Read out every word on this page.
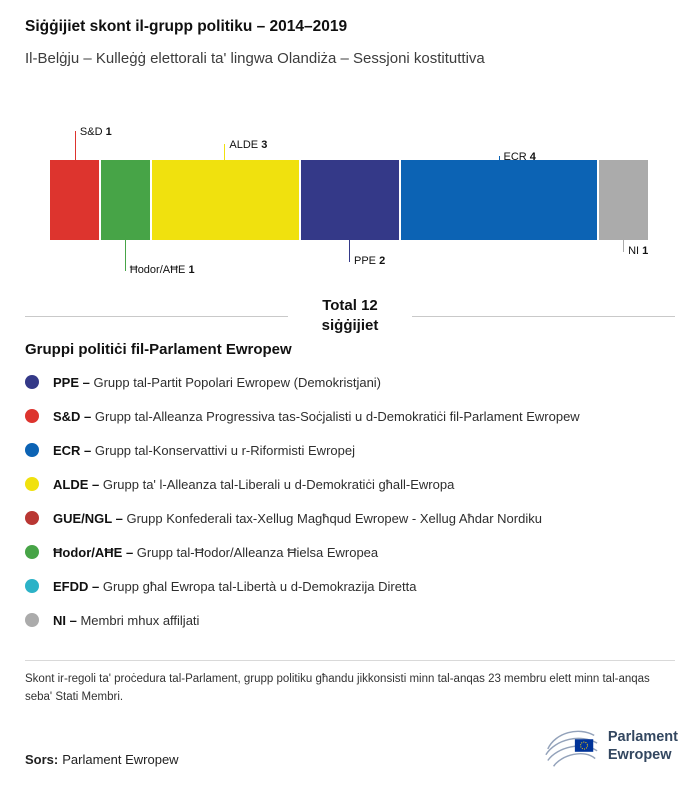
Siġġijiet skont il-grupp politiku – 2014–2019
Il-Belġju – Kulleġġ elettorali ta' lingwa Olandiża – Sessjoni kostituttiva
S&D 1
Ħodor/AĦE 1
ALDE 3
PPE 2
ECR 4
NI 1
Total 12
siġġijiet
Gruppi politiċi fil-Parlament Ewropew
PPE – Grupp tal-Partit Popolari Ewropew (Demokristjani)
S&D – Grupp tal-Alleanza Progressiva tas-Soċjalisti u d-Demokratiċi fil-Parlament Ewropew
ECR – Grupp tal-Konservattivi u r-Riformisti Ewropej
ALDE – Grupp ta' l-Alleanza tal-Liberali u d-Demokratiċi għall-Ewropa
GUE/NGL – Grupp Konfederali tax-Xellug Magħqud Ewropew - Xellug Aħdar Nordiku
Ħodor/AĦE – Grupp tal-Ħodor/Alleanza Ħielsa Ewropea
EFDD – Grupp għal Ewropa tal-Libertà u d-Demokrazija Diretta
NI – Membri mhux affiljati

Skont ir-regoli ta' proċedura tal-Parlament, grupp politiku għandu jikkonsisti minn tal-anqas 23 membru elett minn tal-anqas seba' Stati Membri.

Sors: Parlament Ewropew

Parlament
Ewropew
